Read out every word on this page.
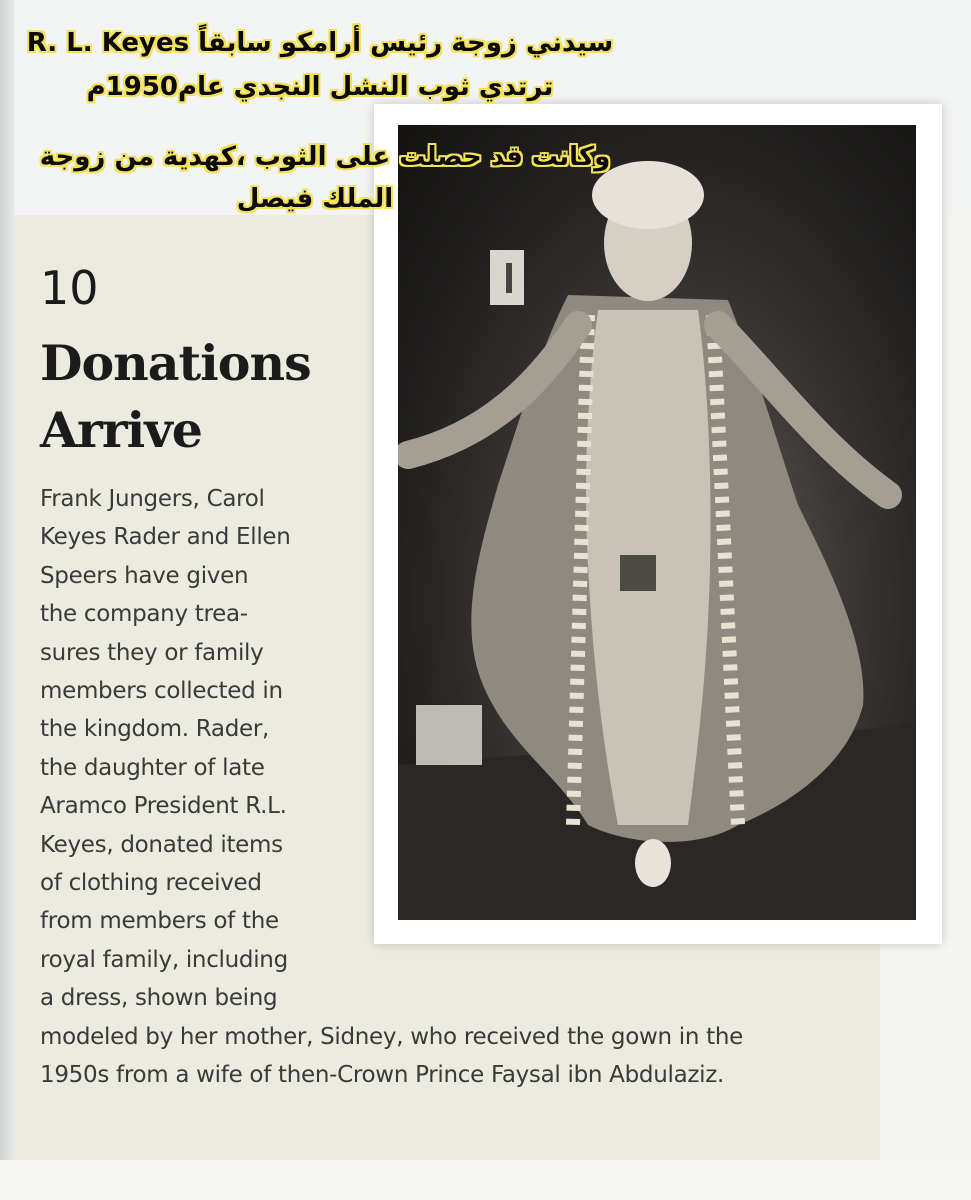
سيدني زوجة رئيس أرامكو سابقاً R. L. Keyes
ترتدي ثوب النشل النجدي عام1950م
وكانت قد حصلت على الثوب ،كهدية من زوجة
الملك فيصل
10
Donations
Arrive
Frank Jungers, Carol
Keyes Rader and Ellen
Speers have given
the company trea-
sures they or family
members collected in
the kingdom. Rader,
the daughter of late
Aramco President R.L.
Keyes, donated items
of clothing received
from members of the
royal family, including
a dress, shown being
modeled by her mother, Sidney, who received the gown in the
1950s from a wife of then-Crown Prince Faysal ibn Abdulaziz.
